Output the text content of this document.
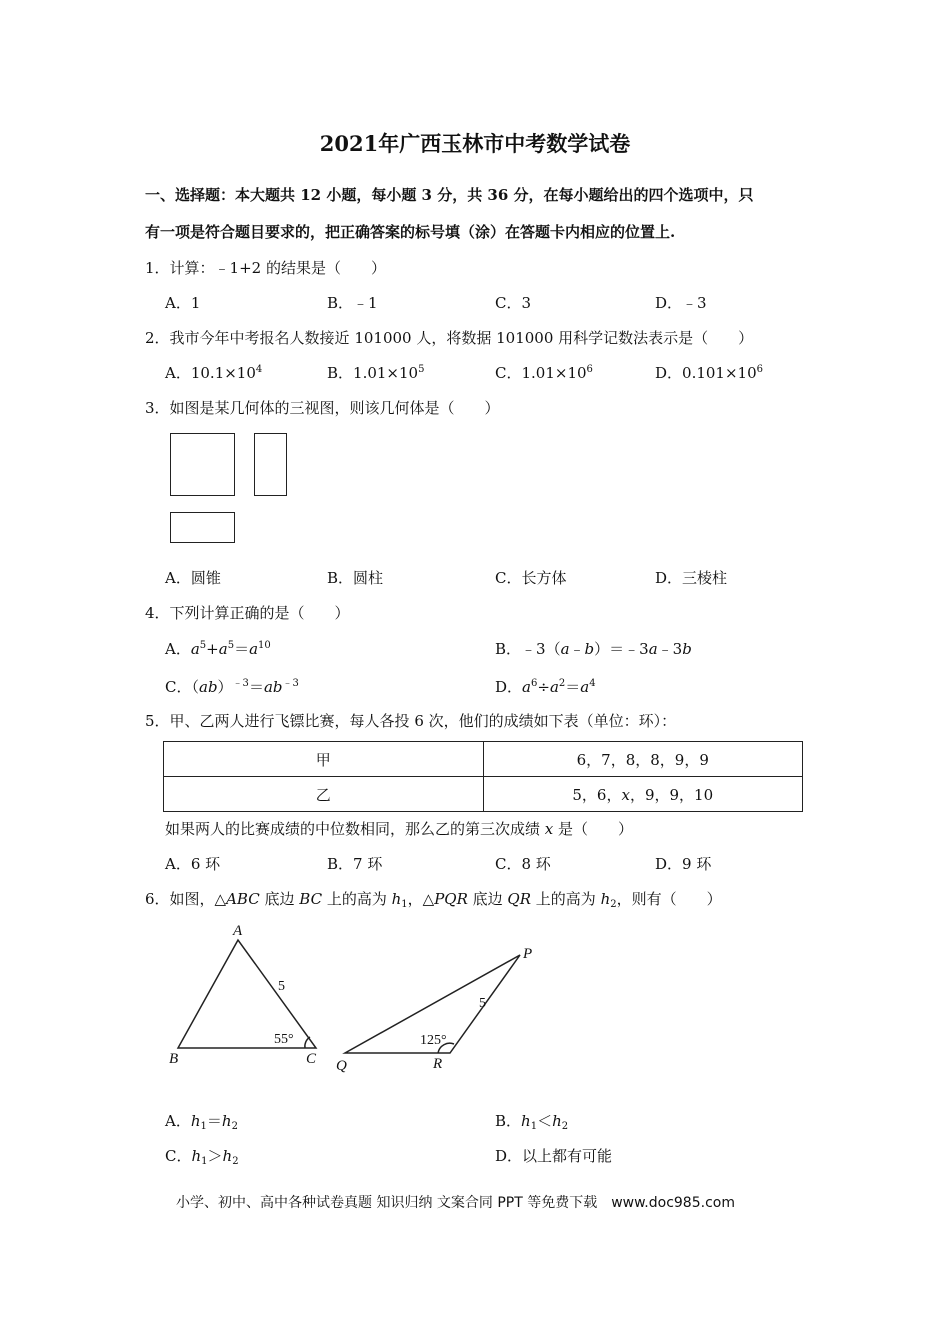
2021年广西玉林市中考数学试卷
一、选择题：本大题共 12 小题，每小题 3 分，共 36 分，在每小题给出的四个选项中，只
有一项是符合题目要求的，把正确答案的标号填（涂）在答题卡内相应的位置上.
1．计算：﹣1+2 的结果是（　　）
A．1	B．﹣1	C．3	D．﹣3
2．我市今年中考报名人数接近 101000 人，将数据 101000 用科学记数法表示是（　　）
A．$10.1\times 10^4$	B．$1.01\times 10^5$	C．$1.01\times 10^6$	D．$0.101\times 10^6$
3．如图是某几何体的三视图，则该几何体是（　　）
A．圆锥	B．圆柱	C．长方体	D．三棱柱
4．下列计算正确的是（　　）
A．$a^5+a^5=a^{10}$	B．﹣3（a﹣b）＝﹣3a﹣3b
C．$(ab)^{﹣3}=ab^{﹣3}$	D．$a^6\div a^2=a^4$
5．甲、乙两人进行飞镖比赛，每人各投 6 次，他们的成绩如下表（单位：环）：
甲	6，7，8，8，9，9
乙	5，6，x，9，9，10
如果两人的比赛成绩的中位数相同，那么乙的第三次成绩 x 是（　　）
A．6 环	B．7 环	C．8 环	D．9 环
6．如图，△ABC 底边 BC 上的高为 $h_1$，△PQR 底边 QR 上的高为 $h_2$，则有（　　）
A
B	C
P
Q	R
5
55°
5
125°
A．$h_1=h_2$	B．$h_1<h_2$
C．$h_1>h_2$	D．以上都有可能
小学、初中、高中各种试卷真题 知识归纳 文案合同 PPT 等免费下载　www.doc985.com
